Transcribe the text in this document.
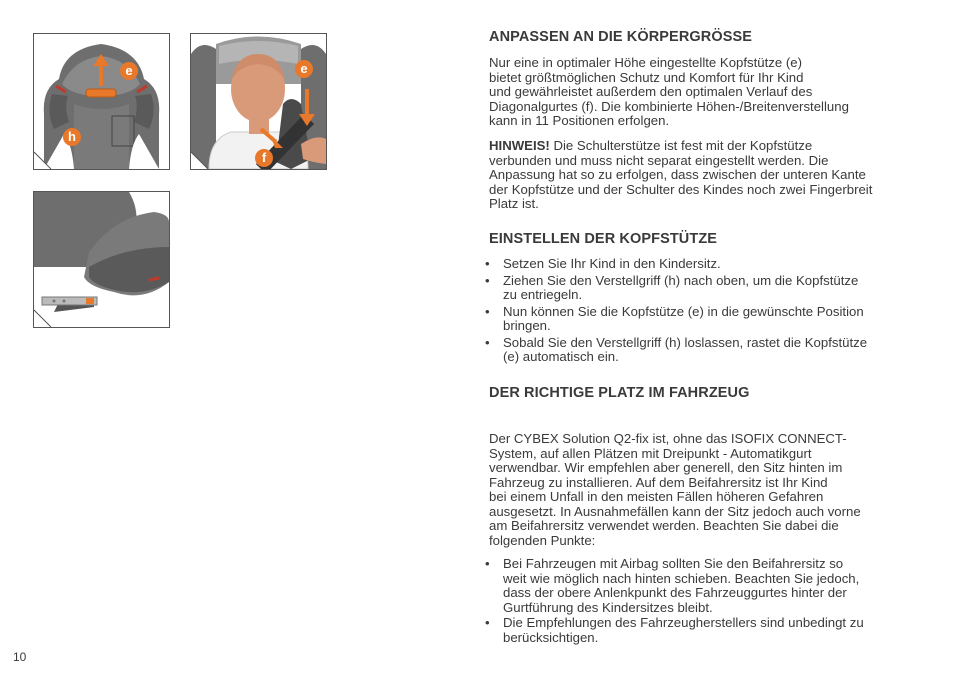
e
h
e
f
ANPASSEN AN DIE KÖRPERGRÖSSE

Nur eine in optimaler Höhe eingestellte Kopfstütze (e)
bietet größtmöglichen Schutz und Komfort für Ihr Kind
und gewährleistet außerdem den optimalen Verlauf des
Diagonalgurtes (f). Die kombinierte Höhen-/Breitenverstellung
kann in 11 Positionen erfolgen.

HINWEIS! Die Schulterstütze ist fest mit der Kopfstütze
verbunden und muss nicht separat eingestellt werden. Die
Anpassung hat so zu erfolgen, dass zwischen der unteren Kante
der Kopfstütze und der Schulter des Kindes noch zwei Fingerbreit
Platz ist.

EINSTELLEN DER KOPFSTÜTZE
• Setzen Sie Ihr Kind in den Kindersitz.
• Ziehen Sie den Verstellgriff (h) nach oben, um die Kopfstütze
zu entriegeln.
• Nun können Sie die Kopfstütze (e) in die gewünschte Position
bringen.
• Sobald Sie den Verstellgriff (h) loslassen, rastet die Kopfstütze
(e) automatisch ein.
DER RICHTIGE PLATZ IM FAHRZEUG

Der CYBEX Solution Q2-fix ist, ohne das ISOFIX CONNECT-
System, auf allen Plätzen mit Dreipunkt - Automatikgurt
verwendbar. Wir empfehlen aber generell, den Sitz hinten im
Fahrzeug zu installieren. Auf dem Beifahrersitz ist Ihr Kind
bei einem Unfall in den meisten Fällen höheren Gefahren
ausgesetzt. In Ausnahmefällen kann der Sitz jedoch auch vorne
am Beifahrersitz verwendet werden. Beachten Sie dabei die
folgenden Punkte:

• Bei Fahrzeugen mit Airbag sollten Sie den Beifahrersitz so
weit wie möglich nach hinten schieben. Beachten Sie jedoch,
dass der obere Anlenkpunkt des Fahrzeuggurtes hinter der
Gurtführung des Kindersitzes bleibt.
• Die Empfehlungen des Fahrzeugherstellers sind unbedingt zu
berücksichtigen.
10
